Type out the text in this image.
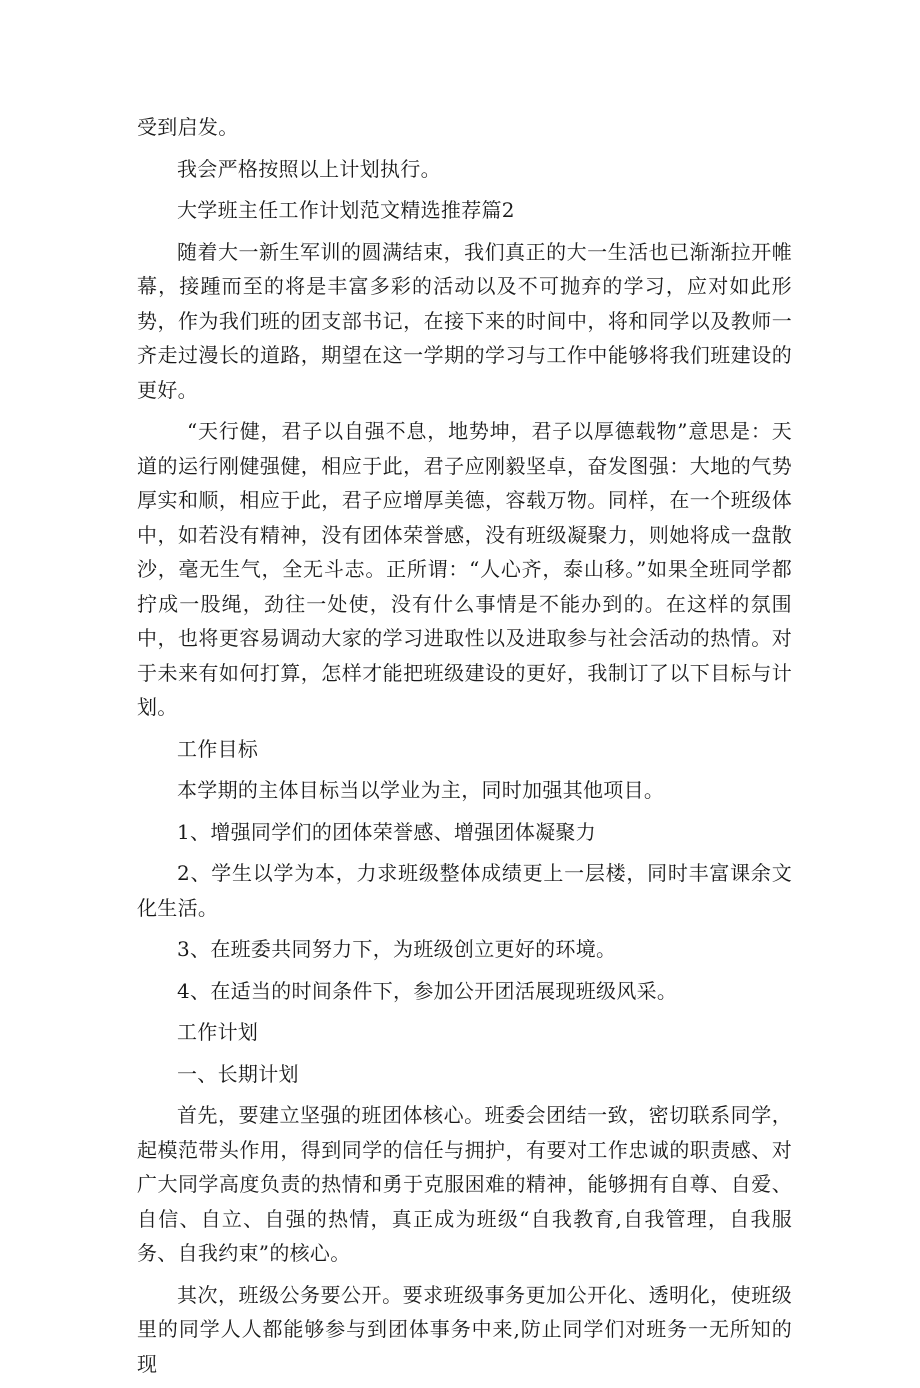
受到启发。

我会严格按照以上计划执行。

大学班主任工作计划范文精选推荐篇2

随着大一新生军训的圆满结束，我们真正的大一生活也已渐渐拉开帷幕，接踵而至的将是丰富多彩的活动以及不可抛弃的学习，应对如此形势，作为我们班的团支部书记，在接下来的时间中，将和同学以及教师一齐走过漫长的道路，期望在这一学期的学习与工作中能够将我们班建设的更好。

“天行健，君子以自强不息，地势坤，君子以厚德载物”意思是：天道的运行刚健强健，相应于此，君子应刚毅坚卓，奋发图强：大地的气势厚实和顺，相应于此，君子应增厚美德，容载万物。同样，在一个班级体中，如若没有精神，没有团体荣誉感，没有班级凝聚力，则她将成一盘散沙，毫无生气，全无斗志。正所谓：“人心齐，泰山移。”如果全班同学都拧成一股绳，劲往一处使，没有什么事情是不能办到的。在这样的氛围中，也将更容易调动大家的学习进取性以及进取参与社会活动的热情。对于未来有如何打算，怎样才能把班级建设的更好，我制订了以下目标与计划。

工作目标

本学期的主体目标当以学业为主，同时加强其他项目。

1、增强同学们的团体荣誉感、增强团体凝聚力

2、学生以学为本，力求班级整体成绩更上一层楼，同时丰富课余文化生活。

3、在班委共同努力下，为班级创立更好的环境。

4、在适当的时间条件下，参加公开团活展现班级风采。

工作计划

一、长期计划

首先，要建立坚强的班团体核心。班委会团结一致，密切联系同学，起模范带头作用，得到同学的信任与拥护，有要对工作忠诚的职责感、对广大同学高度负责的热情和勇于克服困难的精神，能够拥有自尊、自爱、自信、自立、自强的热情，真正成为班级“自我教育,自我管理，自我服务、自我约束”的核心。

其次，班级公务要公开。要求班级事务更加公开化、透明化，使班级里的同学人人都能够参与到团体事务中来,防止同学们对班务一无所知的现
